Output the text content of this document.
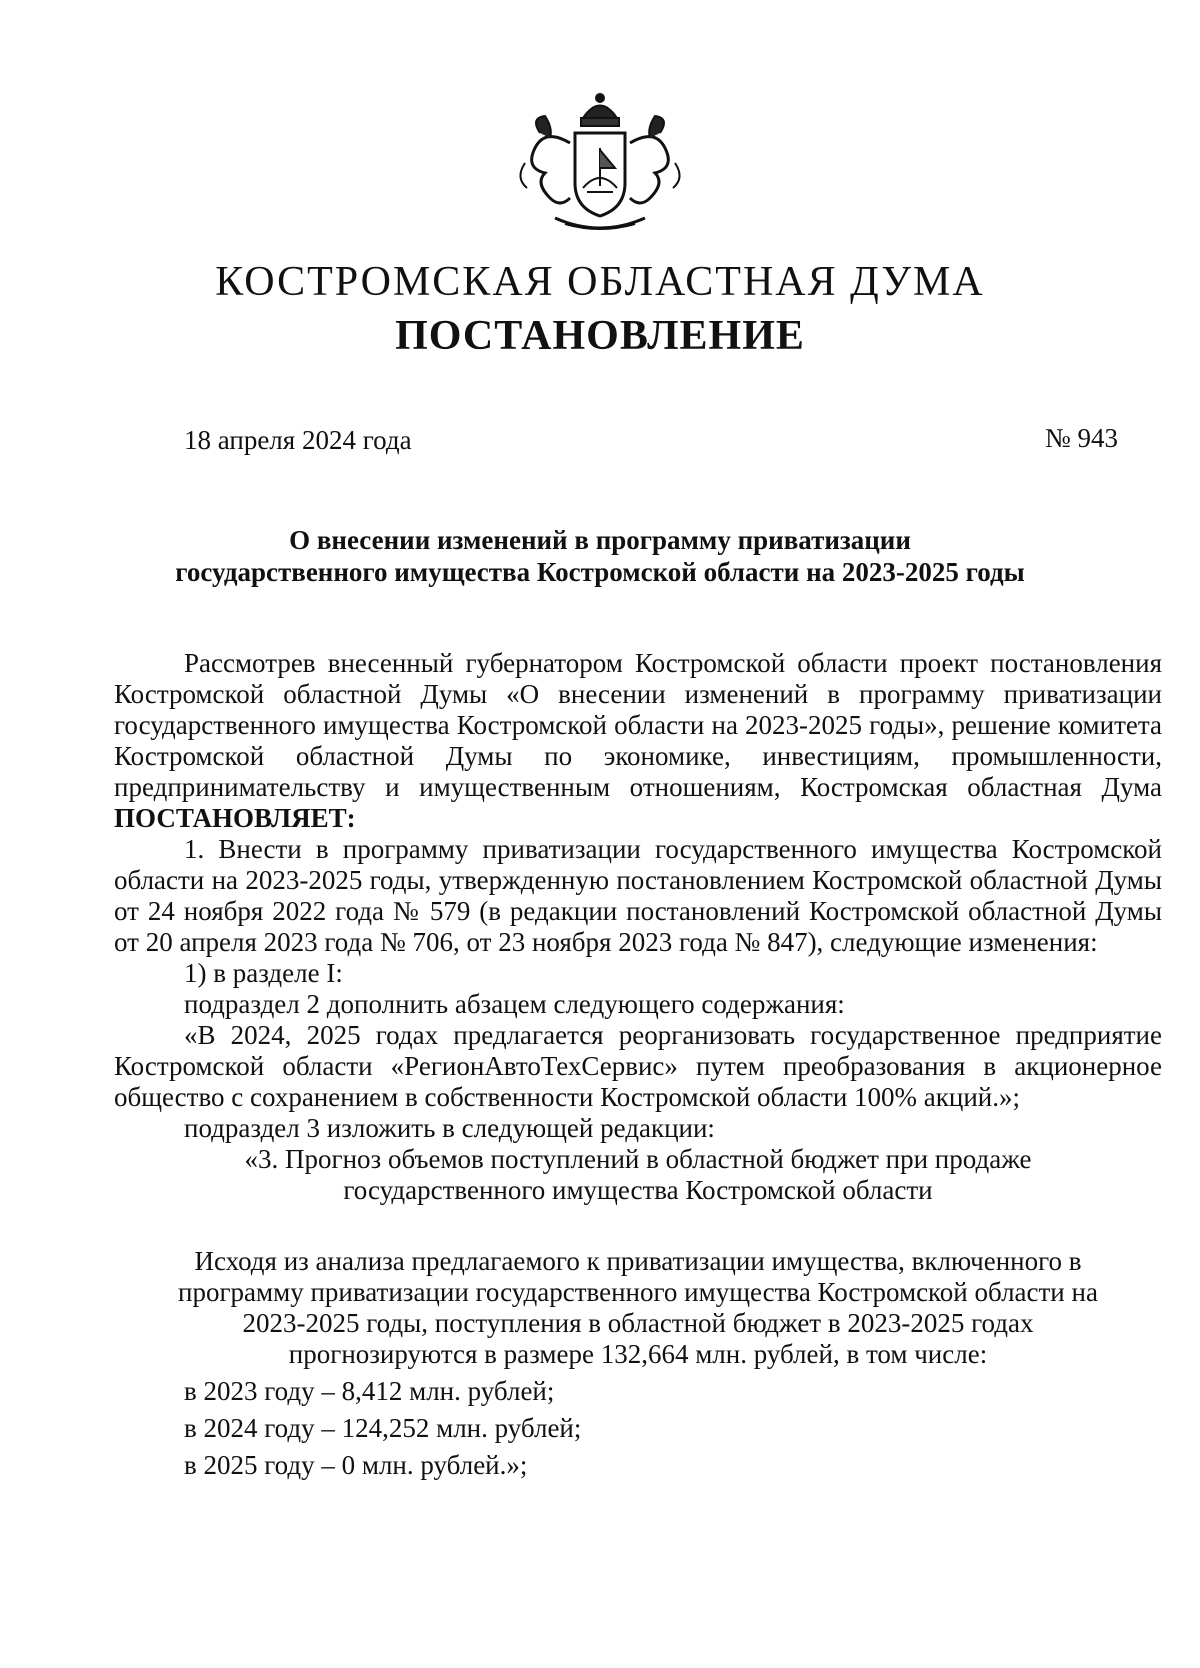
КОСТРОМСКАЯ ОБЛАСТНАЯ ДУМА
ПОСТАНОВЛЕНИЕ
18 апреля 2024 года	№ 943
О внесении изменений в программу приватизации
государственного имущества Костромской области на 2023-2025 годы

Рассмотрев внесенный губернатором Костромской области проект постановления Костромской областной Думы «О внесении изменений в программу приватизации государственного имущества Костромской области на 2023-2025 годы», решение комитета Костромской областной Думы по экономике, инвестициям, промышленности, предпринимательству и имущественным отношениям, Костромская областная Дума ПОСТАНОВЛЯЕТ:

1. Внести в программу приватизации государственного имущества Костромской области на 2023-2025 годы, утвержденную постановлением Костромской областной Думы от 24 ноября 2022 года № 579 (в редакции постановлений Костромской областной Думы от 20 апреля 2023 года № 706, от 23 ноября 2023 года № 847), следующие изменения:

1) в разделе I:

подраздел 2 дополнить абзацем следующего содержания:

«В 2024, 2025 годах предлагается реорганизовать государственное предприятие Костромской области «РегионАвтоТехСервис» путем преобразования в акционерное общество с сохранением в собственности Костромской области 100% акций.»;

подраздел 3 изложить в следующей редакции:

«3. Прогноз объемов поступлений в областной бюджет при продаже

государственного имущества Костромской области

Исходя из анализа предлагаемого к приватизации имущества, включенного в

программу приватизации государственного имущества Костромской области на

2023-2025 годы, поступления в областной бюджет в 2023-2025 годах

прогнозируются в размере 132,664 млн. рублей, в том числе:

в 2023 году – 8,412 млн. рублей;

в 2024 году – 124,252 млн. рублей;

в 2025 году – 0 млн. рублей.»;
